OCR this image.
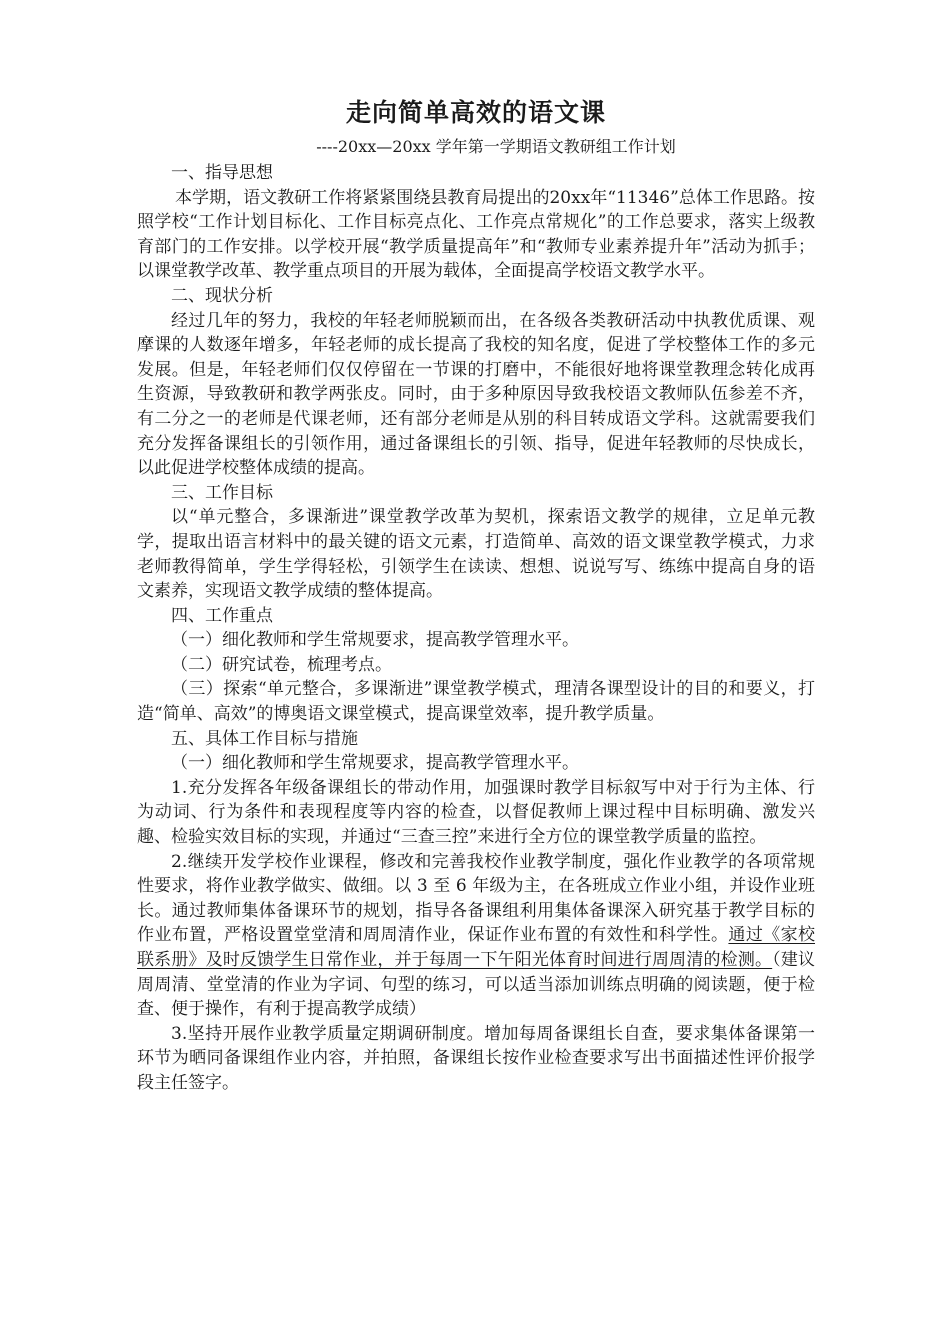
走向简单高效的语文课
----20xx—20xx 学年第一学期语文教研组工作计划

一、指导思想

本学期，语文教研工作将紧紧围绕县教育局提出的20xx年“11346”总体工作思路。按照学校“工作计划目标化、工作目标亮点化、工作亮点常规化”的工作总要求，落实上级教育部门的工作安排。以学校开展“教学质量提高年”和“教师专业素养提升年”活动为抓手；以课堂教学改革、教学重点项目的开展为载体，全面提高学校语文教学水平。

二、现状分析

经过几年的努力，我校的年轻老师脱颖而出，在各级各类教研活动中执教优质课、观摩课的人数逐年增多，年轻老师的成长提高了我校的知名度，促进了学校整体工作的多元发展。但是，年轻老师们仅仅停留在一节课的打磨中，不能很好地将课堂教理念转化成再生资源，导致教研和教学两张皮。同时，由于多种原因导致我校语文教师队伍参差不齐，有二分之一的老师是代课老师，还有部分老师是从别的科目转成语文学科。这就需要我们充分发挥备课组长的引领作用，通过备课组长的引领、指导，促进年轻教师的尽快成长，以此促进学校整体成绩的提高。

三、工作目标

以“单元整合，多课渐进”课堂教学改革为契机，探索语文教学的规律，立足单元教学，提取出语言材料中的最关键的语文元素，打造简单、高效的语文课堂教学模式，力求老师教得简单，学生学得轻松，引领学生在读读、想想、说说写写、练练中提高自身的语文素养，实现语文教学成绩的整体提高。

四、工作重点

（一）细化教师和学生常规要求，提高教学管理水平。

（二）研究试卷，梳理考点。

（三）探索“单元整合，多课渐进”课堂教学模式，理清各课型设计的目的和要义，打造“简单、高效”的博奥语文课堂模式，提高课堂效率，提升教学质量。

五、具体工作目标与措施

（一）细化教师和学生常规要求，提高教学管理水平。

1.充分发挥各年级备课组长的带动作用，加强课时教学目标叙写中对于行为主体、行为动词、行为条件和表现程度等内容的检查，以督促教师上课过程中目标明确、激发兴趣、检验实效目标的实现，并通过“三查三控”来进行全方位的课堂教学质量的监控。

2.继续开发学校作业课程，修改和完善我校作业教学制度，强化作业教学的各项常规性要求，将作业教学做实、做细。以 3 至 6 年级为主，在各班成立作业小组，并设作业班长。通过教师集体备课环节的规划，指导各备课组利用集体备课深入研究基于教学目标的作业布置，严格设置堂堂清和周周清作业，保证作业布置的有效性和科学性。通过《家校联系册》及时反馈学生日常作业，并于每周一下午阳光体育时间进行周周清的检测。（建议周周清、堂堂清的作业为字词、句型的练习，可以适当添加训练点明确的阅读题，便于检查、便于操作，有利于提高教学成绩）

3.坚持开展作业教学质量定期调研制度。增加每周备课组长自查，要求集体备课第一环节为晒同备课组作业内容，并拍照，备课组长按作业检查要求写出书面描述性评价报学段主任签字。
